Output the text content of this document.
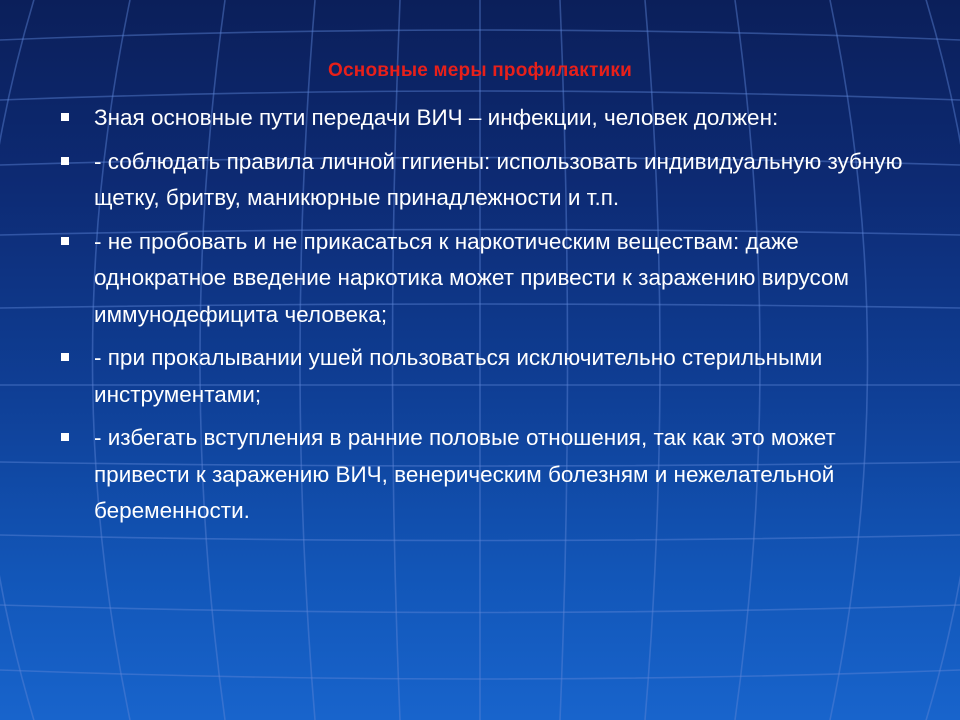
Основные меры профилактики
Зная основные пути передачи ВИЧ – инфекции, человек должен:
- соблюдать правила личной гигиены: использовать индивидуальную зубную щетку, бритву, маникюрные принадлежности и т.п.
- не пробовать и не прикасаться к наркотическим веществам: даже однократное введение наркотика может привести к заражению вирусом иммунодефицита человека;
- при прокалывании ушей пользоваться исключительно стерильными инструментами;
- избегать вступления в ранние половые отношения, так как это может привести к заражению ВИЧ, венерическим болезням и нежелательной беременности.
